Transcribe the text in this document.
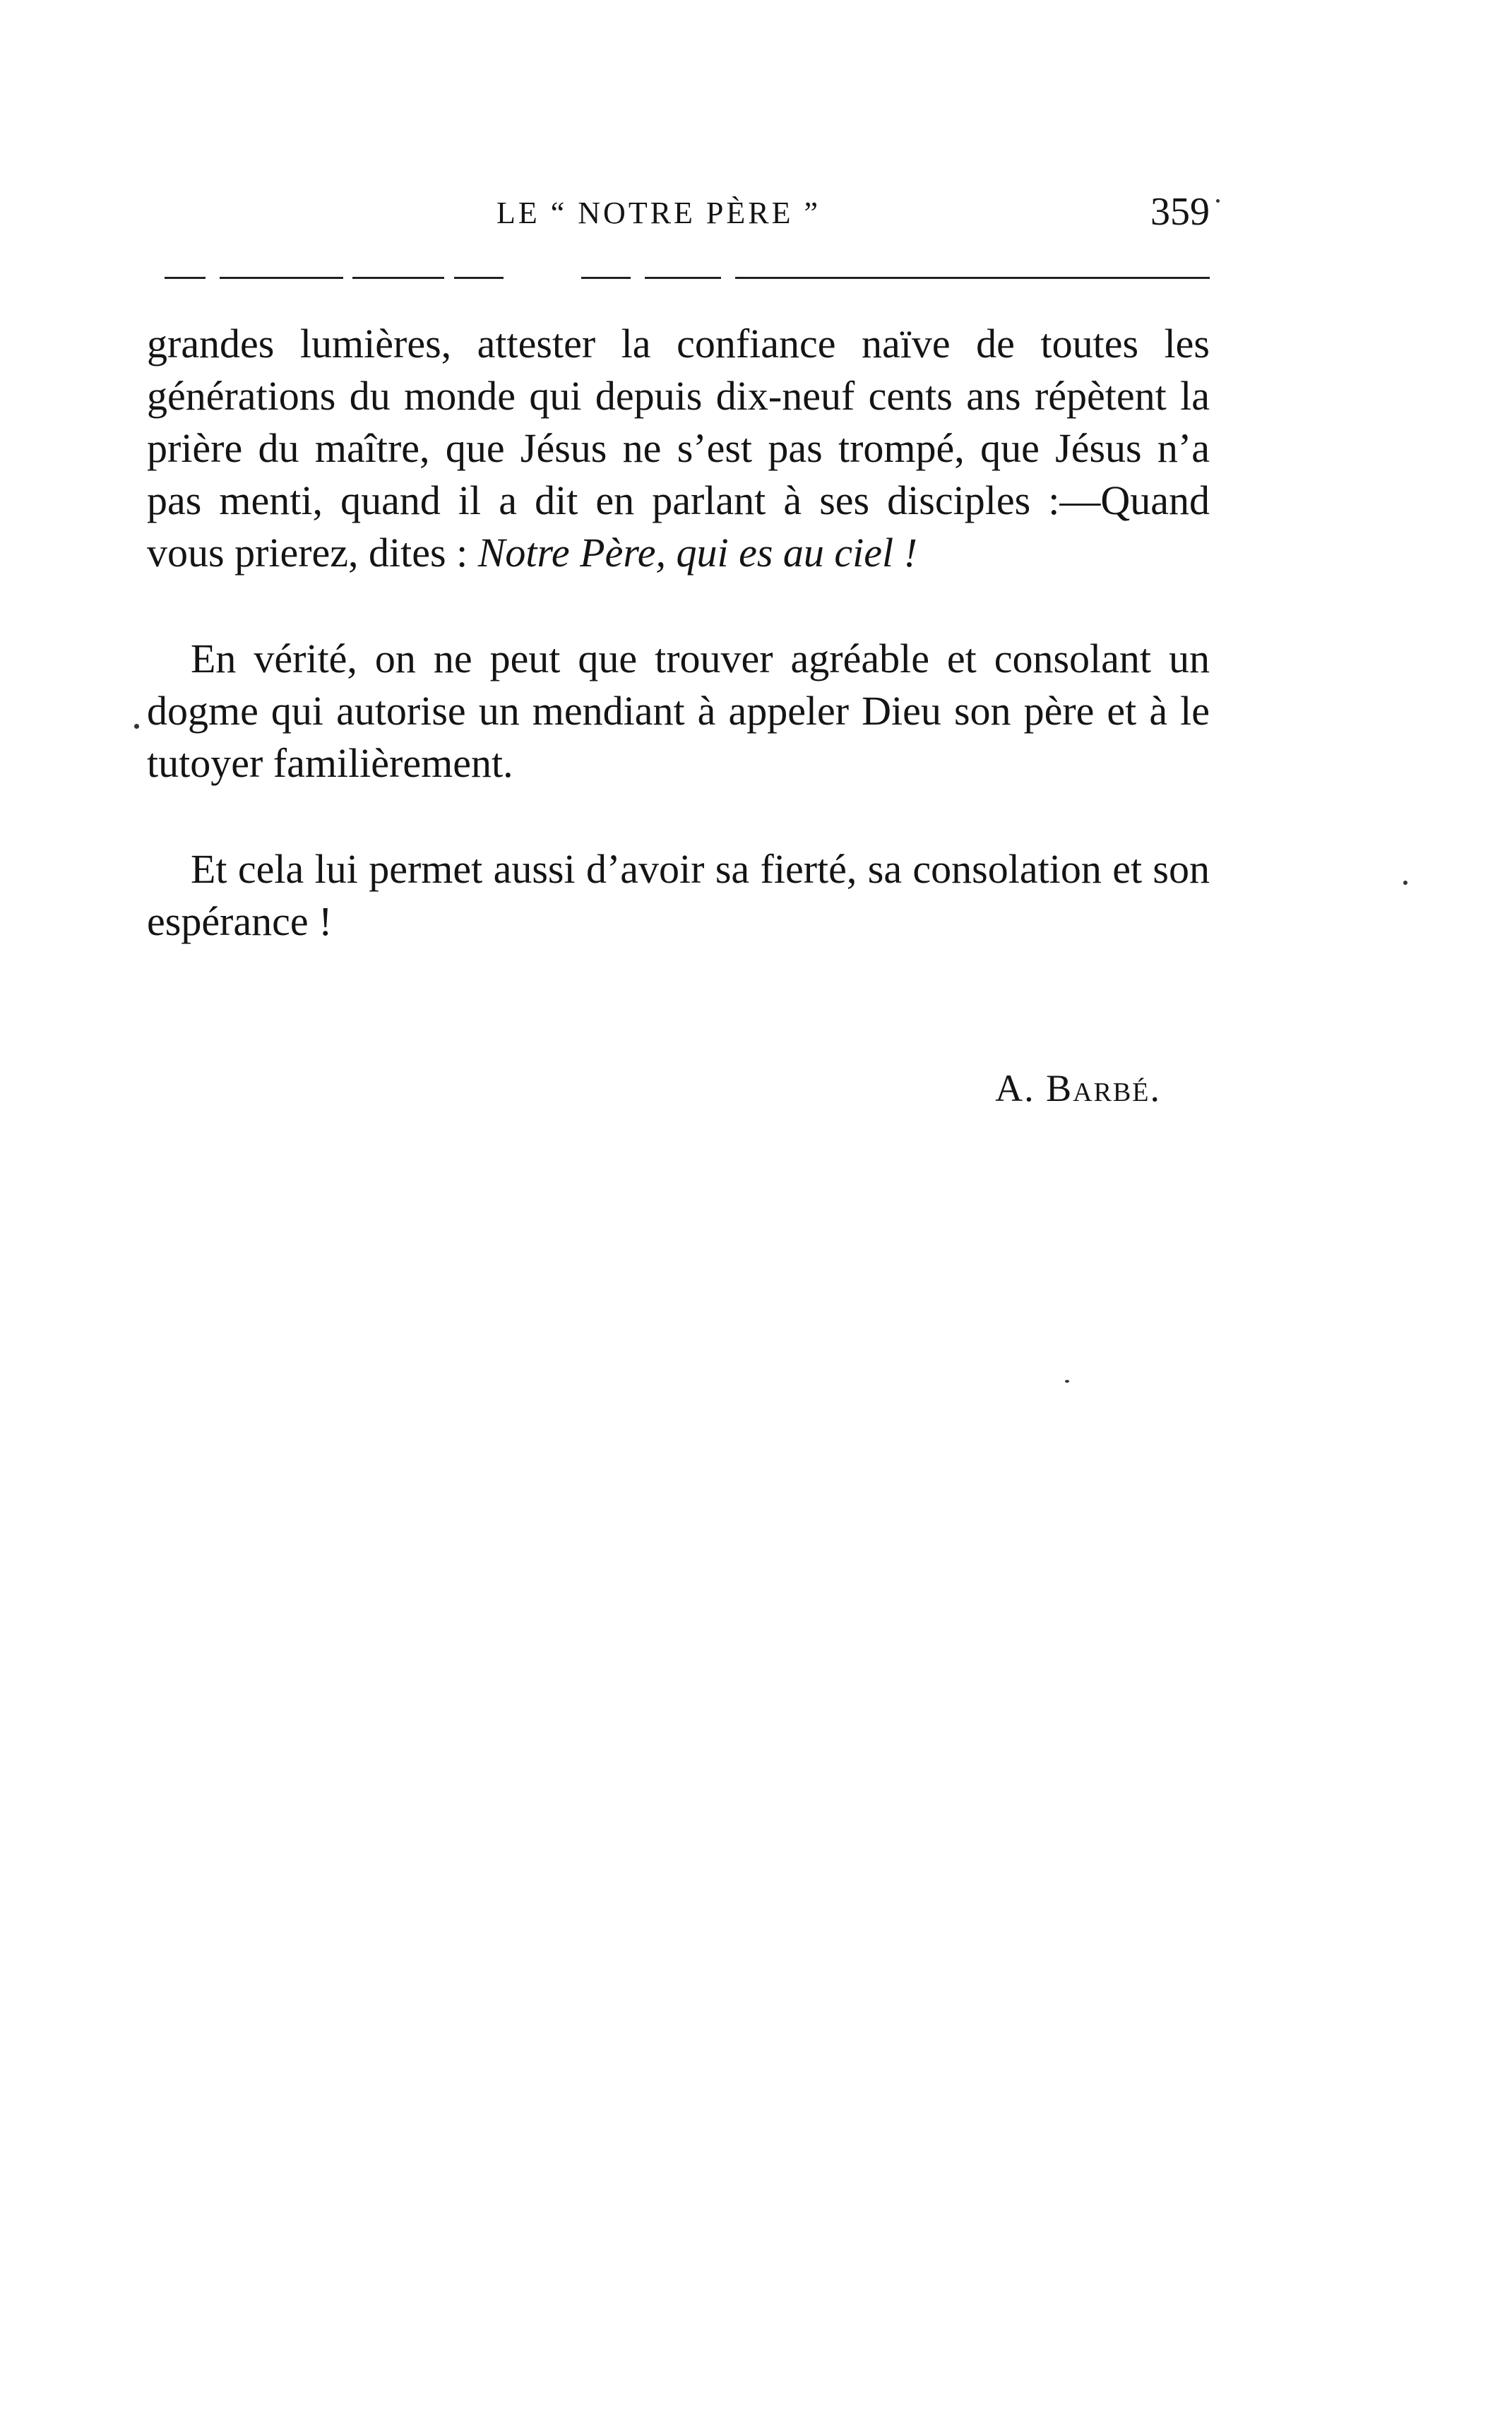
LE “ NOTRE PÈRE ”	359

grandes lumières, attester la confiance naïve de toutes les générations du monde qui depuis dix-neuf cents ans répètent la prière du maître, que Jésus ne s’est pas trompé, que Jésus n’a pas menti, quand il a dit en parlant à ses disciples :—Quand vous prierez, dites : Notre Père, qui es au ciel !

En vérité, on ne peut que trouver agréable et consolant un dogme qui autorise un mendiant à appeler Dieu son père et à le tutoyer familièrement.

Et cela lui permet aussi d’avoir sa fierté, sa consolation et son espérance !

A. Barbé.
